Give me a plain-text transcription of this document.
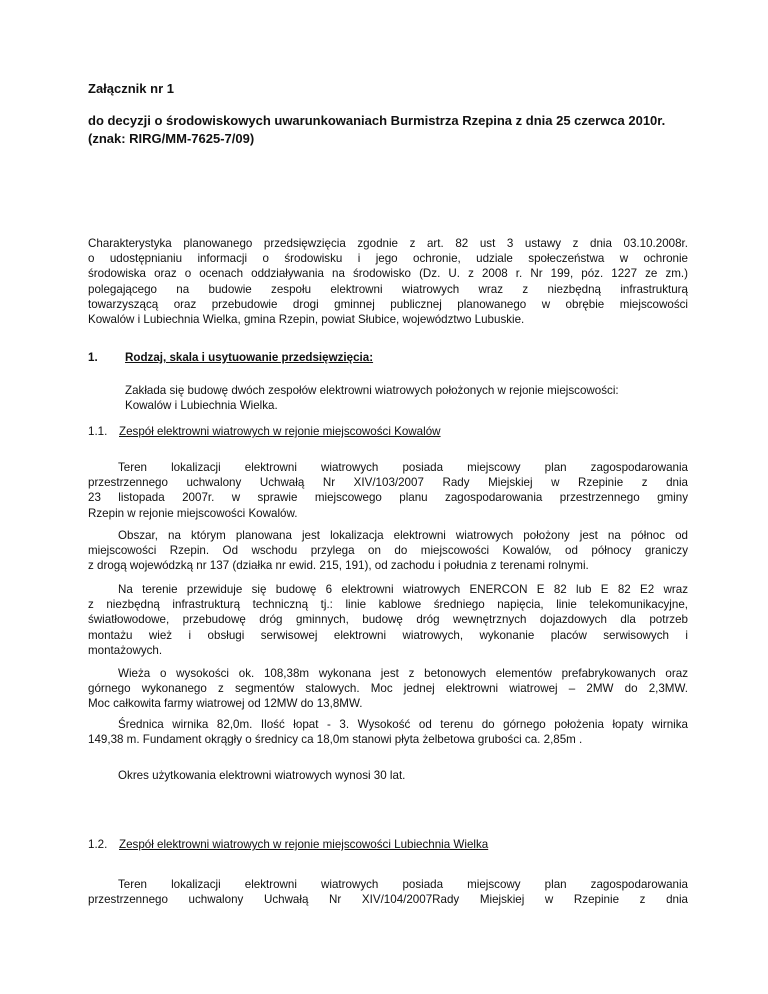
Załącznik nr 1
do decyzji o środowiskowych uwarunkowaniach Burmistrza Rzepina z dnia 25 czerwca 2010r. (znak: RIRG/MM-7625-7/09)
Charakterystyka planowanego przedsięwzięcia zgodnie z art. 82 ust 3 ustawy z dnia 03.10.2008r.
o udostępnianiu informacji o środowisku i jego ochronie, udziale społeczeństwa w ochronie
środowiska oraz o ocenach oddziaływania na środowisko (Dz. U. z 2008 r. Nr 199, póz. 1227 ze zm.)
polegającego na budowie zespołu elektrowni wiatrowych wraz z niezbędną infrastrukturą
towarzyszącą oraz przebudowie drogi gminnej publicznej planowanego w obrębie miejscowości
Kowalów i Lubiechnia Wielka, gmina Rzepin, powiat Słubice, województwo Lubuskie.
1. Rodzaj, skala i usytuowanie przedsięwzięcia:
Zakłada się budowę dwóch zespołów elektrowni wiatrowych położonych w rejonie miejscowości:
Kowalów i Lubiechnia Wielka.
1.1. Zespół elektrowni wiatrowych w rejonie miejscowości Kowalów
Teren lokalizacji elektrowni wiatrowych posiada miejscowy plan zagospodarowania
przestrzennego uchwalony Uchwałą Nr XIV/103/2007 Rady Miejskiej w Rzepinie z dnia
23 listopada 2007r. w sprawie miejscowego planu zagospodarowania przestrzennego gminy
Rzepin w rejonie miejscowości Kowalów.
Obszar, na którym planowana jest lokalizacja elektrowni wiatrowych położony jest na północ od
miejscowości Rzepin. Od wschodu przylega on do miejscowości Kowalów, od północy graniczy
z drogą wojewódzką nr 137 (działka nr ewid. 215, 191), od zachodu i południa z terenami rolnymi.
Na terenie przewiduje się budowę 6 elektrowni wiatrowych ENERCON E 82 lub E 82 E2 wraz
z niezbędną infrastrukturą techniczną tj.: linie kablowe średniego napięcia, linie telekomunikacyjne,
światłowodowe, przebudowę dróg gminnych, budowę dróg wewnętrznych dojazdowych dla potrzeb
montażu wież i obsługi serwisowej elektrowni wiatrowych, wykonanie placów serwisowych i
montażowych.
Wieża o wysokości ok. 108,38m wykonana jest z betonowych elementów prefabrykowanych oraz
górnego wykonanego z segmentów stalowych. Moc jednej elektrowni wiatrowej – 2MW do 2,3MW.
Moc całkowita farmy wiatrowej od 12MW do 13,8MW.
Średnica wirnika 82,0m. Ilość łopat - 3. Wysokość od terenu do górnego położenia łopaty wirnika
149,38 m. Fundament okrągły o średnicy ca 18,0m stanowi płyta żelbetowa grubości ca. 2,85m .
Okres użytkowania elektrowni wiatrowych wynosi 30 lat.
1.2. Zespół elektrowni wiatrowych w rejonie miejscowości Lubiechnia Wielka
Teren lokalizacji elektrowni wiatrowych posiada miejscowy plan zagospodarowania
przestrzennego uchwalony Uchwałą Nr XIV/104/2007Rady Miejskiej w Rzepinie z dnia
